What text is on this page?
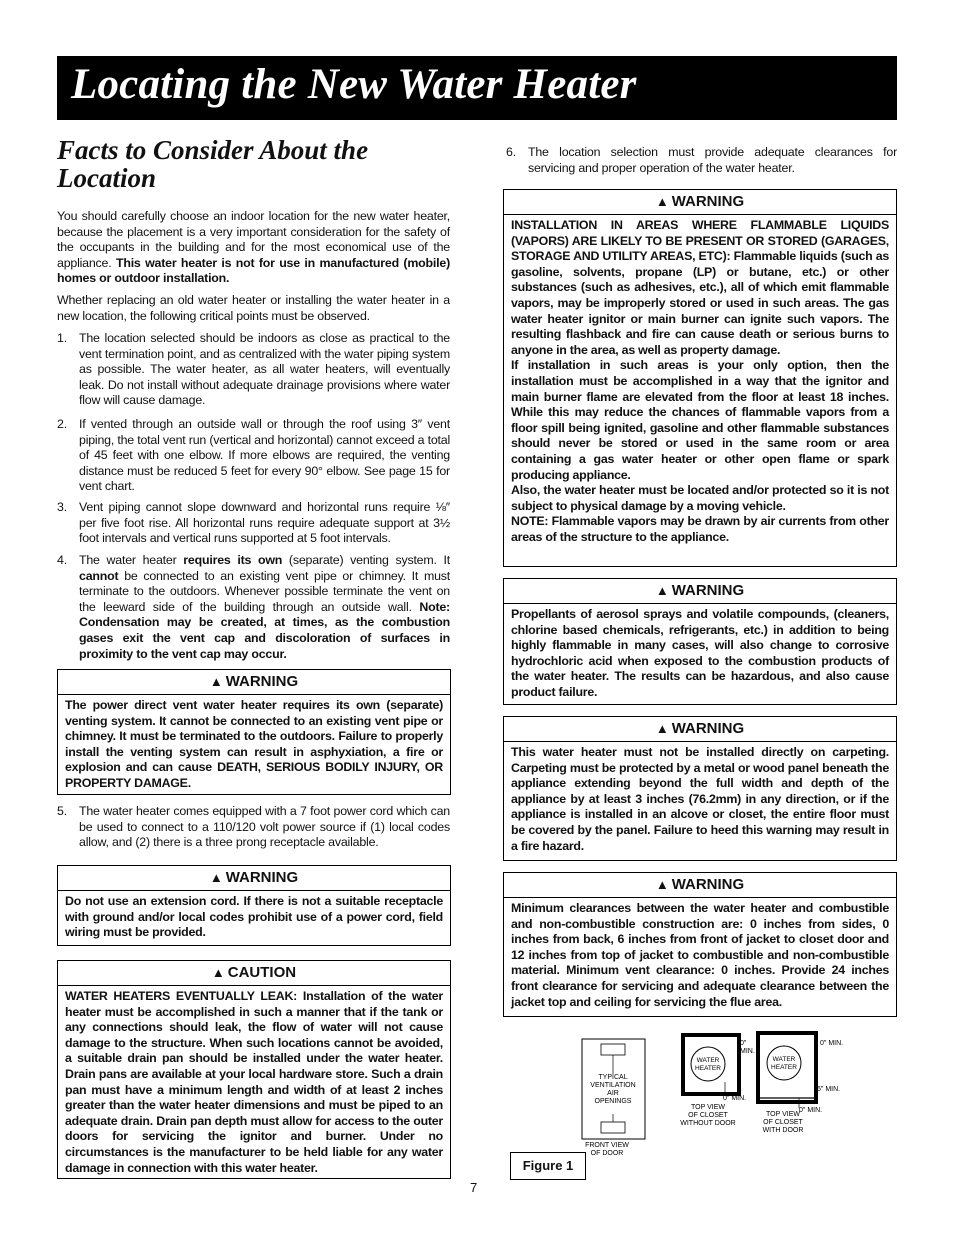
Locating the New Water Heater
Facts to Consider About the Location

You should carefully choose an indoor location for the new water heater, because the placement is a very important consideration for the safety of the occupants in the building and for the most economical use of the appliance. This water heater is not for use in manufactured (mobile) homes or outdoor installation.

Whether replacing an old water heater or installing the water heater in a new location, the following critical points must be observed.

1. The location selected should be indoors as close as practical to the vent termination point, and as centralized with the water piping system as possible. The water heater, as all water heaters, will eventually leak. Do not install without adequate drainage provisions where water flow will cause damage.
2. If vented through an outside wall or through the roof using 3″ vent piping, the total vent run (vertical and horizontal) cannot exceed a total of 45 feet with one elbow. If more elbows are required, the venting distance must be reduced 5 feet for every 90° elbow. See page 15 for vent chart.
3. Vent piping cannot slope downward and horizontal runs require ⅛″ per five foot rise. All horizontal runs require adequate support at 3½ foot intervals and vertical runs supported at 5 foot intervals.
4. The water heater requires its own (separate) venting system. It cannot be connected to an existing vent pipe or chimney. It must terminate to the outdoors. Whenever possible terminate the vent on the leeward side of the building through an outside wall. Note: Condensation may be created, at times, as the combustion gases exit the vent cap and discoloration of surfaces in proximity to the vent cap may occur.
▲ WARNING
The power direct vent water heater requires its own (separate) venting system. It cannot be connected to an existing vent pipe or chimney. It must be terminated to the outdoors. Failure to properly install the venting system can result in asphyxiation, a fire or explosion and can cause DEATH, SERIOUS BODILY INJURY, OR PROPERTY DAMAGE.
5. The water heater comes equipped with a 7 foot power cord which can be used to connect to a 110/120 volt power source if (1) local codes allow, and (2) there is a three prong receptacle available.
▲ WARNING
Do not use an extension cord. If there is not a suitable receptacle with ground and/or local codes prohibit use of a power cord, field wiring must be provided.
▲ CAUTION
WATER HEATERS EVENTUALLY LEAK: Installation of the water heater must be accomplished in such a manner that if the tank or any connections should leak, the flow of water will not cause damage to the structure. When such locations cannot be avoided, a suitable drain pan should be installed under the water heater. Drain pans are available at your local hardware store. Such a drain pan must have a minimum length and width of at least 2 inches greater than the water heater dimensions and must be piped to an adequate drain. Drain pan depth must allow for access to the outer doors for servicing the ignitor and burner. Under no circumstances is the manufacturer to be held liable for any water damage in connection with this water heater.
6. The location selection must provide adequate clearances for servicing and proper operation of the water heater.
▲ WARNING

INSTALLATION IN AREAS WHERE FLAMMABLE LIQUIDS (VAPORS) ARE LIKELY TO BE PRESENT OR STORED (GARAGES, STORAGE AND UTILITY AREAS, ETC): Flammable liquids (such as gasoline, solvents, propane (LP) or butane, etc.) or other substances (such as adhesives, etc.), all of which emit flammable vapors, may be improperly stored or used in such areas. The gas water heater ignitor or main burner can ignite such vapors. The resulting flashback and fire can cause death or serious burns to anyone in the area, as well as property damage.

If installation in such areas is your only option, then the installation must be accomplished in a way that the ignitor and main burner flame are elevated from the floor at least 18 inches. While this may reduce the chances of flammable vapors from a floor spill being ignited, gasoline and other flammable substances should never be stored or used in the same room or area containing a gas water heater or other open flame or spark producing appliance.

Also, the water heater must be located and/or protected so it is not subject to physical damage by a moving vehicle.

NOTE: Flammable vapors may be drawn by air currents from other areas of the structure to the appliance.

▲ WARNING
Propellants of aerosol sprays and volatile compounds, (cleaners, chlorine based chemicals, refrigerants, etc.) in addition to being highly flammable in many cases, will also change to corrosive hydrochloric acid when exposed to the combustion products of the water heater. The results can be hazardous, and also cause product failure.
▲ WARNING
This water heater must not be installed directly on carpeting. Carpeting must be protected by a metal or wood panel beneath the appliance extending beyond the full width and depth of the appliance by at least 3 inches (76.2mm) in any direction, or if the appliance is installed in an alcove or closet, the entire floor must be covered by the panel. Failure to heed this warning may result in a fire hazard.
▲ WARNING
Minimum clearances between the water heater and combustible and non-combustible construction are: 0 inches from sides, 0 inches from back, 6 inches from front of jacket to closet door and 12 inches from top of jacket to combustible and non-combustible material. Minimum vent clearance: 0 inches. Provide 24 inches front clearance for servicing and adequate clearance between the jacket top and ceiling for servicing the flue area.
TYPICAL
VENTILATION
AIR
OPENINGS
FRONT VIEW
OF DOOR
WATER
HEATER
0"
MIN.
0" MIN.
TOP VIEW
OF CLOSET
WITHOUT DOOR
WATER
HEATER
0" MIN.
6" MIN.
0" MIN.
TOP VIEW
OF CLOSET
WITH DOOR
Figure 1
7
